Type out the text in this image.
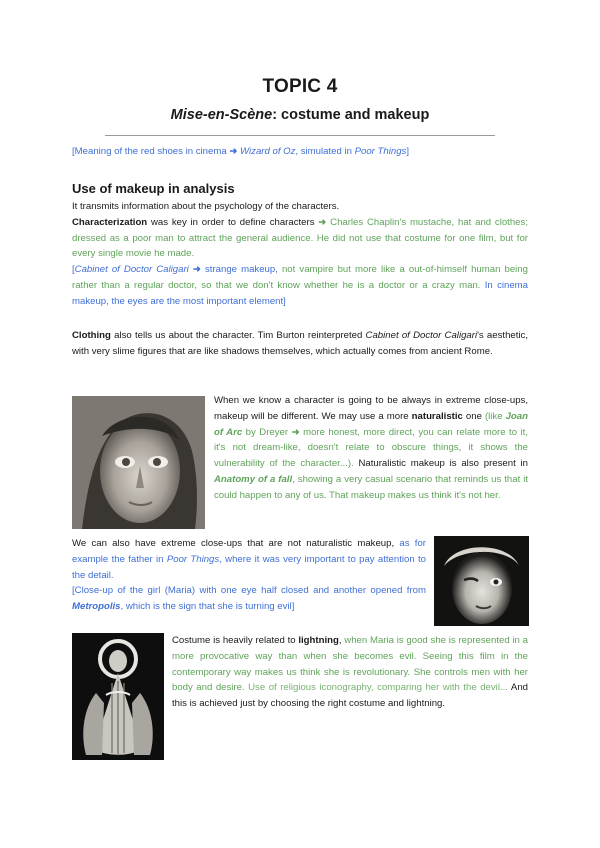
TOPIC 4
Mise-en-Scène: costume and makeup
[Meaning of the red shoes in cinema ➜ Wizard of Oz, simulated in Poor Things]
Use of makeup in analysis
It transmits information about the psychology of the characters.
Characterization was key in order to define characters ➜ Charles Chaplin's mustache, hat and clothes; dressed as a poor man to attract the general audience. He did not use that costume for one film, but for every single movie he made.
[Cabinet of Doctor Caligari ➜ strange makeup, not vampire but more like a out-of-himself human being rather than a regular doctor, so that we don't know whether he is a doctor or a crazy man. In cinema makeup, the eyes are the most important element]
Clothing also tells us about the character. Tim Burton reinterpreted Cabinet of Doctor Caligari's aesthetic, with very slime figures that are like shadows themselves, which actually comes from ancient Rome.
When we know a character is going to be always in extreme close-ups, makeup will be different. We may use a more naturalistic one (like Joan of Arc by Dreyer ➜ more honest, more direct, you can relate more to it, it's not dream-like, doesn't relate to obscure things, it shows the vulnerability of the character...). Naturalistic makeup is also present in Anatomy of a fall, showing a very casual scenario that reminds us that it could happen to any of us. That makeup makes us think it's not her.
We can also have extreme close-ups that are not naturalistic makeup, as for example the father in Poor Things, where it was very important to pay attention to the detail.
[Close-up of the girl (Maria) with one eye half closed and another opened from Metropolis, which is the sign that she is turning evil]
Costume is heavily related to lightning, when Maria is good she is represented in a more provocative way than when she becomes evil. Seeing this film in the contemporary way makes us think she is revolutionary. She controls men with her body and desire. Use of religious iconography, comparing her with the devil... And this is achieved just by choosing the right costume and lightning.
